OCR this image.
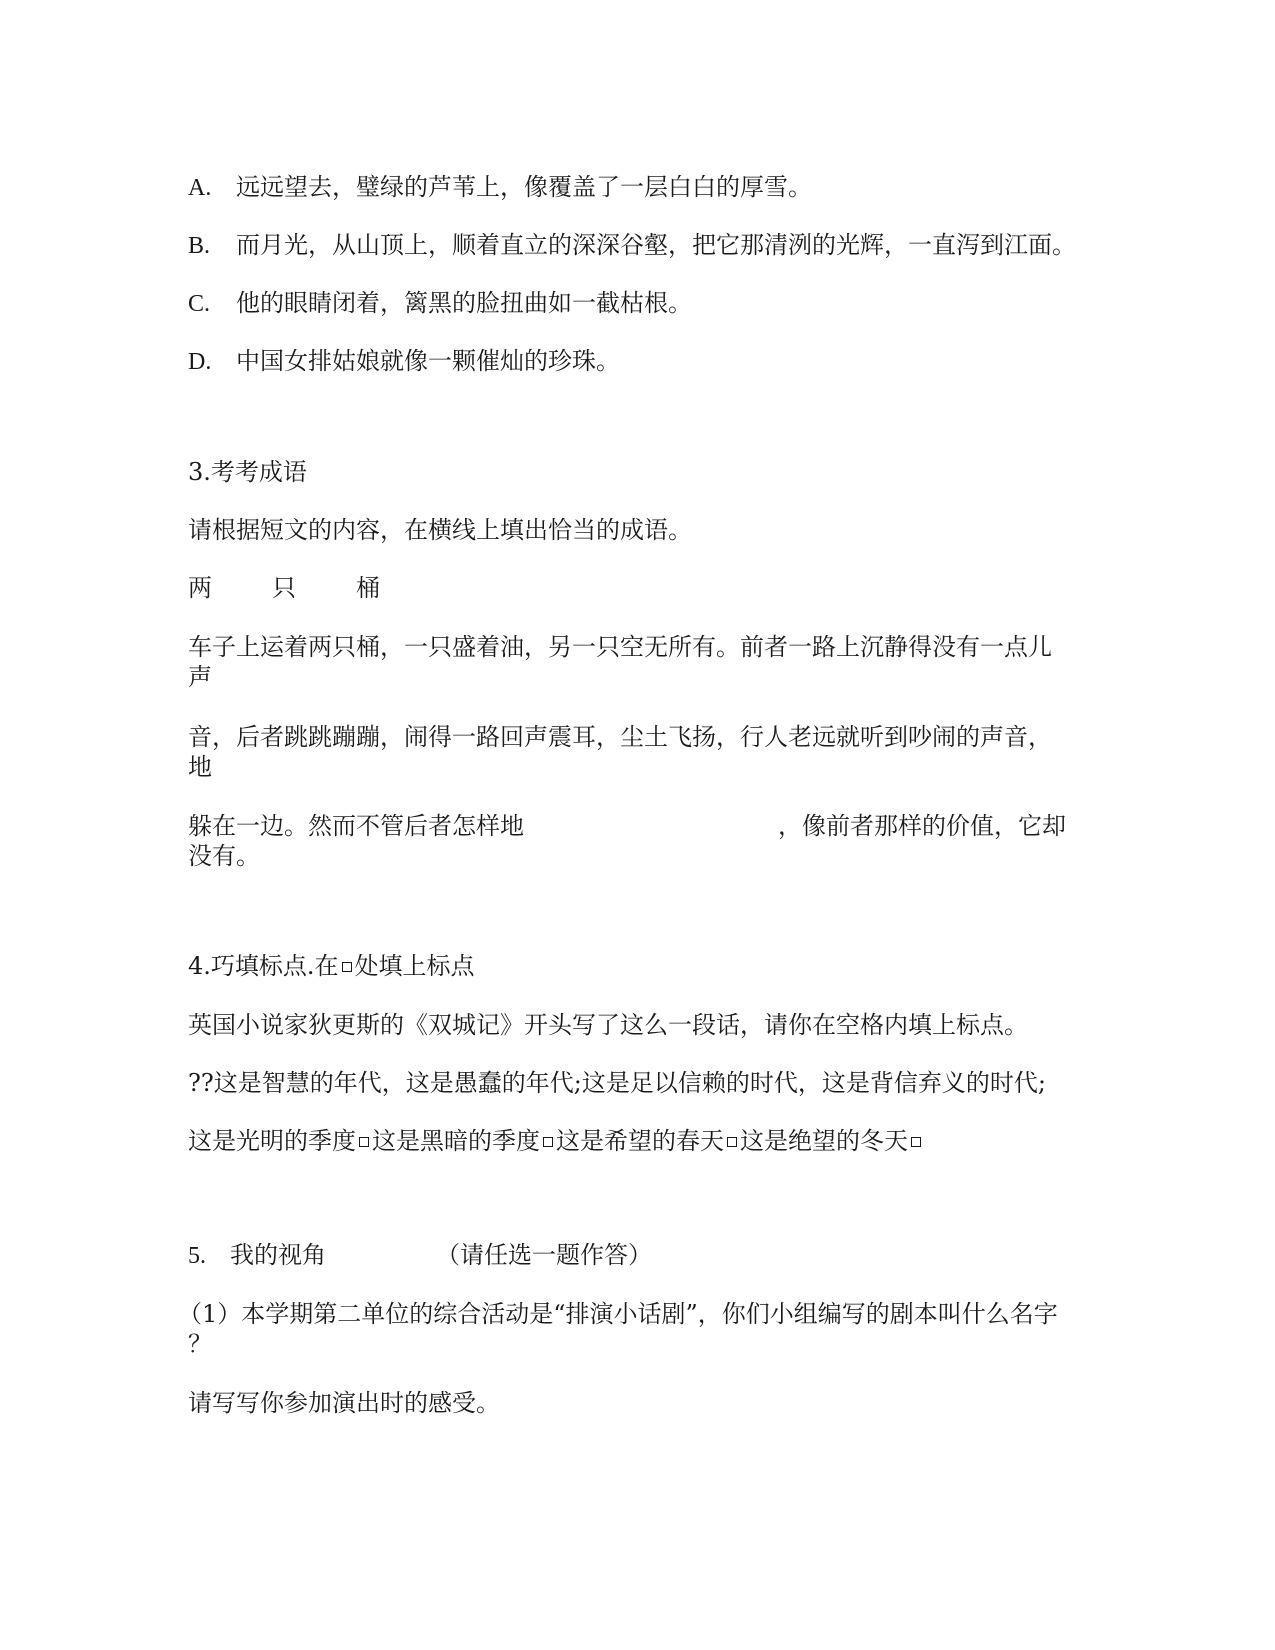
A. 远远望去，璧绿的芦苇上，像覆盖了一层白白的厚雪。

B. 而月光，从山顶上，顺着直立的深深谷壑，把它那清洌的光辉，一直泻到江面。

C. 他的眼睛闭着，篱黑的脸扭曲如一截枯根。

D. 中国女排姑娘就像一颗催灿的珍珠。

3.考考成语

请根据短文的内容，在横线上填出恰当的成语。

两	只	桶

车子上运着两只桶，一只盛着油，另一只空无所有。前者一路上沉静得没有一点儿

声

音，后者跳跳蹦蹦，闹得一路回声震耳，尘土飞扬，行人老远就听到吵闹的声音，

地

躲在一边。然而不管后者怎样地	，像前者那样的价值，它却

没有。

4.巧填标点.在 处填上标点

英国小说家狄更斯的《双城记》开头写了这么一段话，请你在空格内填上标点。

??这是智慧的年代，这是愚蠢的年代;这是足以信赖的时代，这是背信弃义的时代;

这是光明的季度 这是黑暗的季度 这是希望的春天 这是绝望的冬天

5. 我的视角	（请任选一题作答）

（1）本学期第二单位的综合活动是“排演小话剧”，你们小组编写的剧本叫什么名字

？

请写写你参加演出时的感受。
